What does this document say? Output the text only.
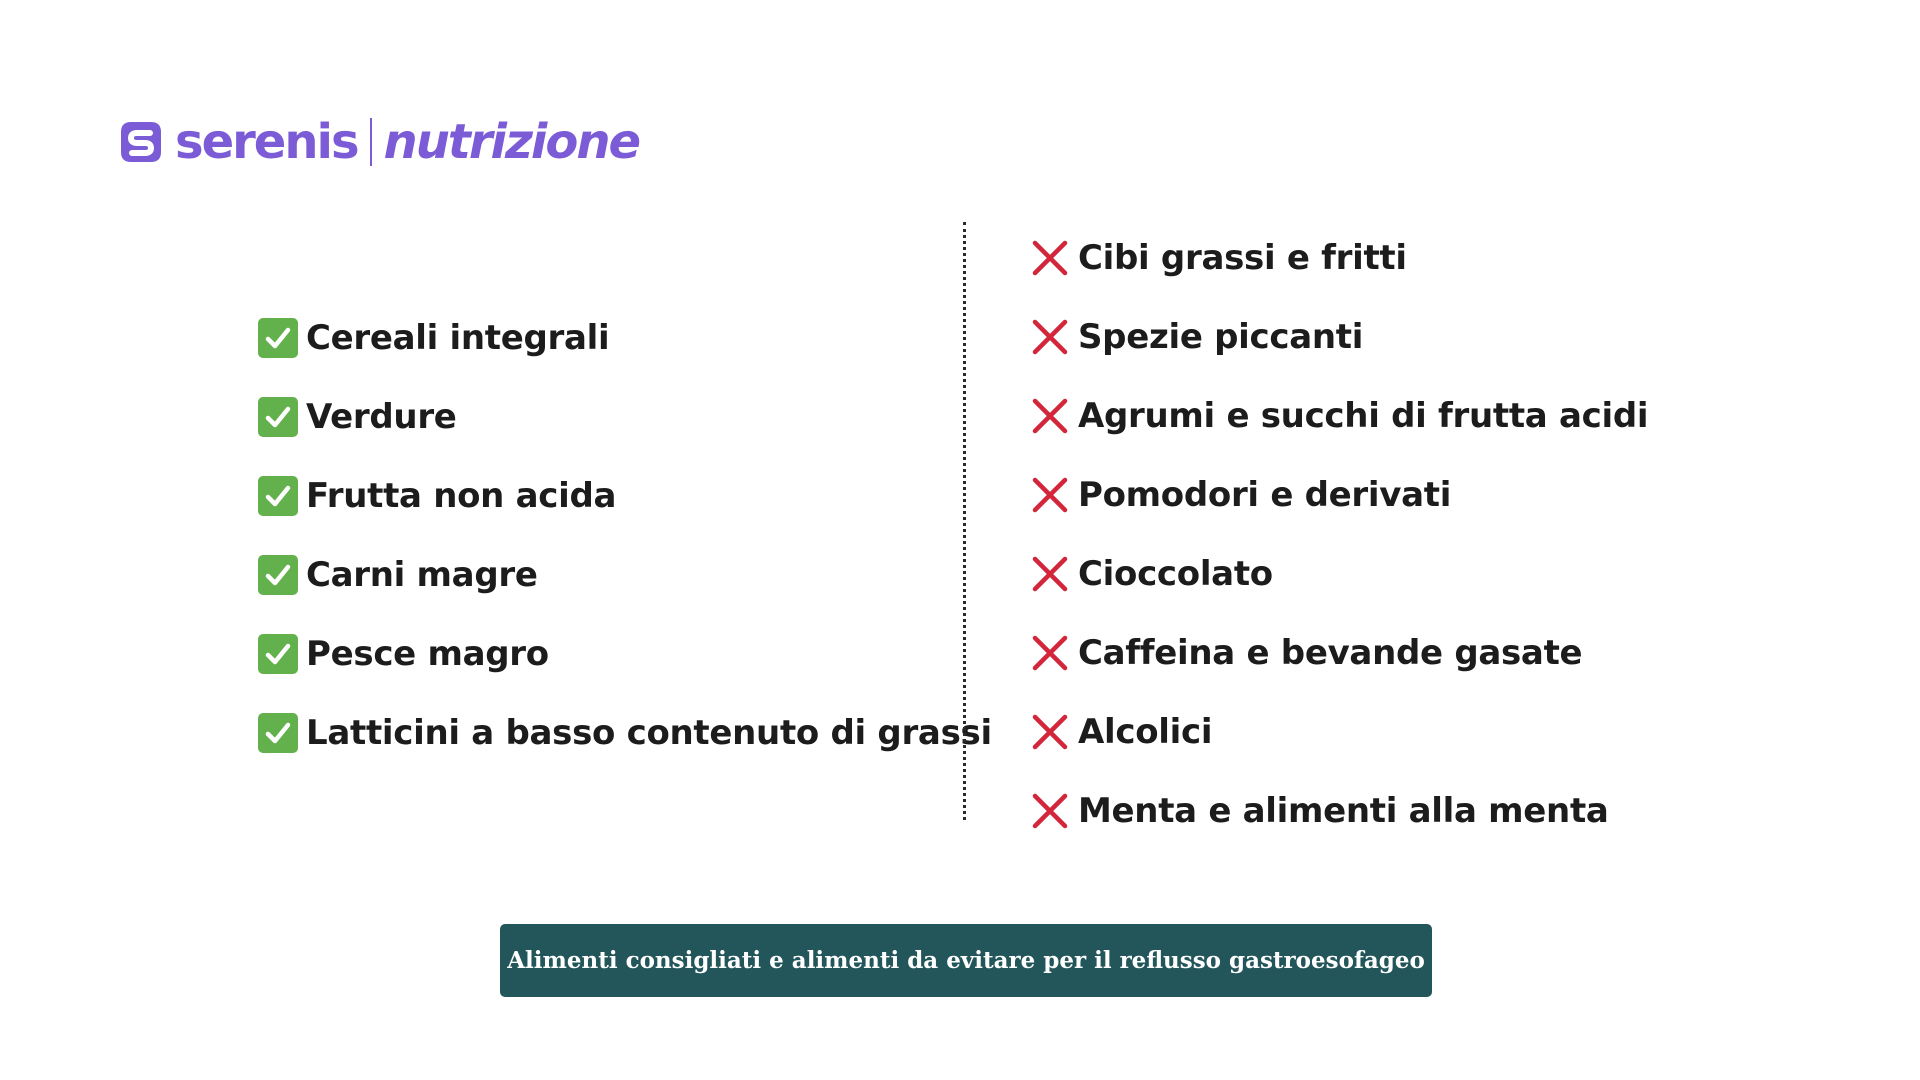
serenis nutrizione
Cereali integrali
Verdure
Frutta non acida
Carni magre
Pesce magro
Latticini a basso contenuto di grassi
Cibi grassi e fritti
Spezie piccanti
Agrumi e succhi di frutta acidi
Pomodori e derivati
Cioccolato
Caffeina e bevande gasate
Alcolici
Menta e alimenti alla menta
Alimenti consigliati e alimenti da evitare per il reflusso gastroesofageo
